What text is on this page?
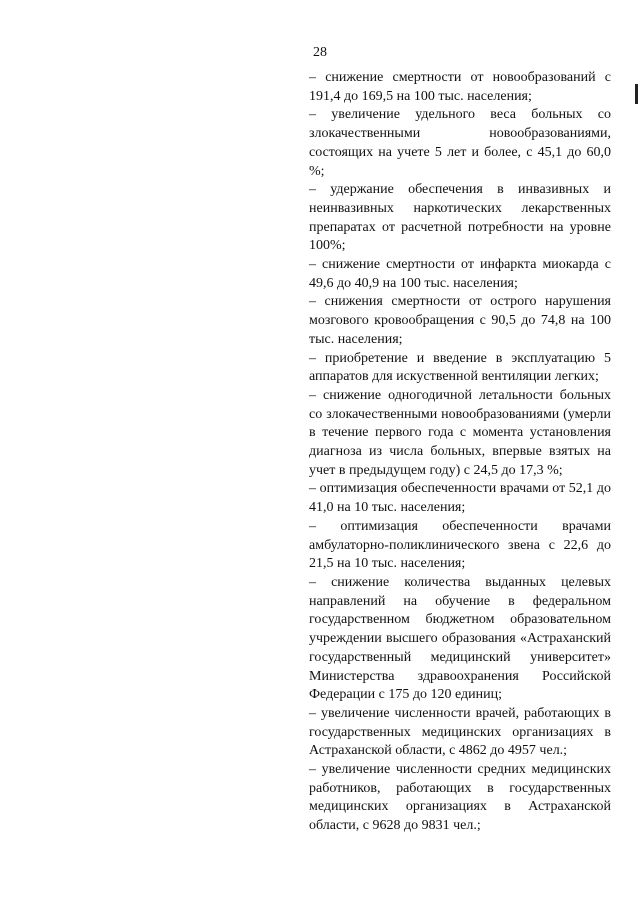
28

– снижение смертности от новообразований с 191,4 до 169,5 на 100 тыс. населения;

– увеличение удельного веса больных со злокачественными новообразованиями, состоящих на учете 5 лет и более, с 45,1 до 60,0 %;

– удержание обеспечения в инвазивных и неинвазивных наркотических лекарственных препаратах от расчетной потребности на уровне 100%;

– снижение смертности от инфаркта миокарда с 49,6 до 40,9 на 100 тыс. населения;

– снижения смертности от острого нарушения мозгового кровообращения с 90,5 до 74,8 на 100 тыс. населения;

– приобретение и введение в эксплуатацию 5 аппаратов для искуственной вентиляции легких;

– снижение одногодичной летальности больных со злокачественными новообразованиями (умерли в течение первого года с момента установления диагноза из числа больных, впервые взятых на учет в предыдущем году) с 24,5 до 17,3 %;

– оптимизация обеспеченности врачами от 52,1 до 41,0 на 10 тыс. населения;

– оптимизация обеспеченности врачами амбулаторно-поликлинического звена с 22,6 до 21,5 на 10 тыс. населения;

– снижение количества выданных целевых направлений на обучение в федеральном государственном бюджетном образовательном учреждении высшего образования «Астраханский государственный медицинский университет» Министерства здравоохранения Российской Федерации с 175 до 120 единиц;

– увеличение численности врачей, работающих в государственных медицинских организациях в Астраханской области, с 4862 до 4957 чел.;

– увеличение численности средних медицинских работников, работающих в государственных медицинских организациях в Астраханской области, с 9628 до 9831 чел.;
